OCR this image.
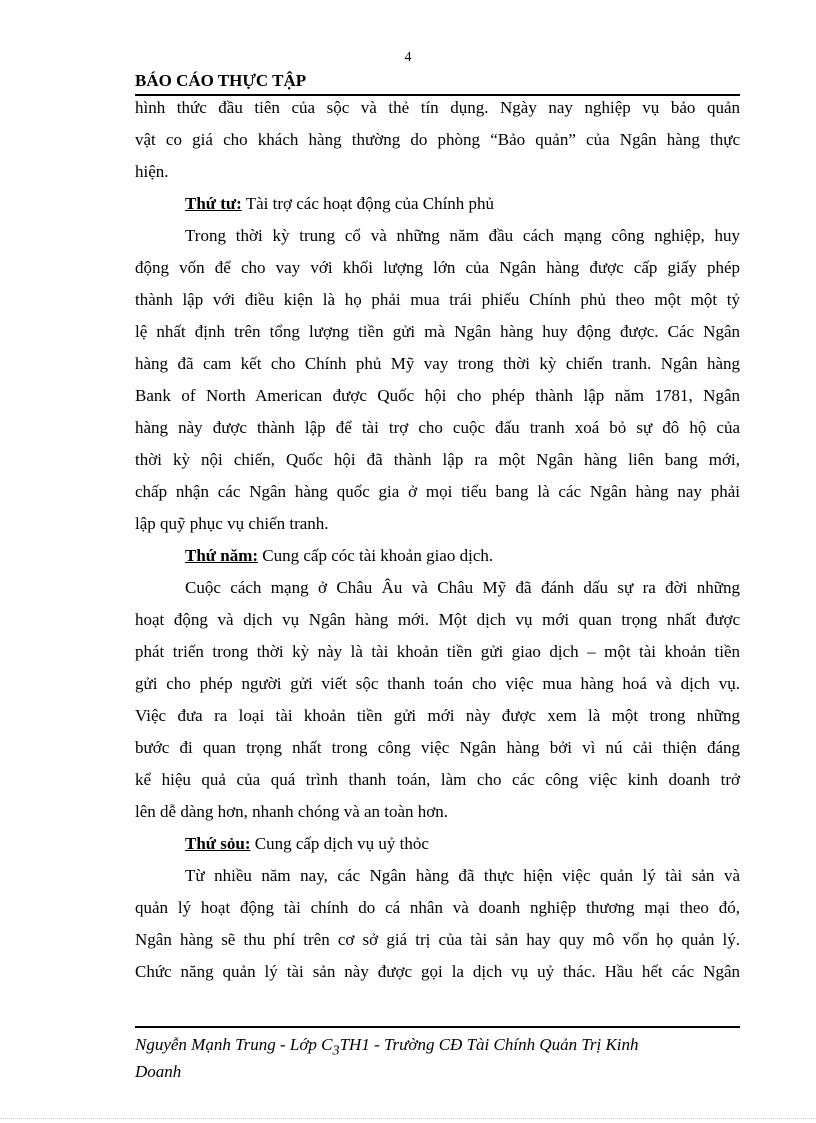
4
BÁO CÁO THỰC TẬP
hình thức đầu tiên của sộc và thẻ tín dụng. Ngày nay nghiệp vụ bảo quản
vật co giá cho khách hàng thường do phòng “Bảo quản” của Ngân hàng thực
hiện.
Thứ tư: Tài trợ các hoạt động của Chính phủ
Trong thời kỳ trung cổ và những năm đầu cách mạng công nghiệp, huy
động vốn để cho vay với khối lượng lớn của Ngân hàng được cấp giấy phép
thành lập với điều kiện là họ phải mua trái phiếu Chính phủ theo một một tỷ
lệ nhất định trên tổng lượng tiền gửi mà Ngân hàng huy động được. Các Ngân
hàng đã cam kết cho Chính phủ Mỹ vay trong thời kỳ chiến tranh. Ngân hàng
Bank of North American được Quốc hội cho phép thành lập năm 1781, Ngân
hàng này được thành lập để tài trợ cho cuộc đấu tranh xoá bỏ sự đô hộ của
thời kỳ nội chiến, Quốc hội đã thành lập ra một Ngân hàng liên bang mới,
chấp nhận các Ngân hàng quốc gia ở mọi tiểu bang là các Ngân hàng nay phải
lập quỹ phục vụ chiến tranh.
Thứ năm: Cung cấp cóc tài khoản giao dịch.
Cuộc cách mạng ở Châu Âu và Châu Mỹ đã đánh dấu sự ra đời những
hoạt động và dịch vụ Ngân hàng mới. Một dịch vụ mới quan trọng nhất được
phát triển trong thời kỳ này là tài khoản tiền gửi giao dịch – một tài khoản tiền
gửi cho phép người gửi viết sộc thanh toán cho việc mua hàng hoá và dịch vụ.
Việc đưa ra loại tài khoản tiền gửi mới này được xem là một trong những
bước đi quan trọng nhất trong công việc Ngân hàng bởi vì nú cải thiện đáng
kể hiệu quả của quá trình thanh toán, làm cho các công việc kinh doanh trở
lên dễ dàng hơn, nhanh chóng và an toàn hơn.
Thứ sỏu: Cung cấp dịch vụ uỷ thỏc
Từ nhiều năm nay, các Ngân hàng đã thực hiện việc quản lý tài sản và
quản lý hoạt động tài chính do cá nhân và doanh nghiệp thương mại theo đó,
Ngân hàng sẽ thu phí trên cơ sở giá trị của tài sản hay quy mô vốn họ quản lý.
Chức năng quản lý tài sản này được gọi la dịch vụ uỷ thác. Hầu hết các Ngân
Nguyễn Mạnh Trung - Lớp $C_3TH1$ - Trường CĐ Tài Chính Quản Trị Kinh
Doanh
